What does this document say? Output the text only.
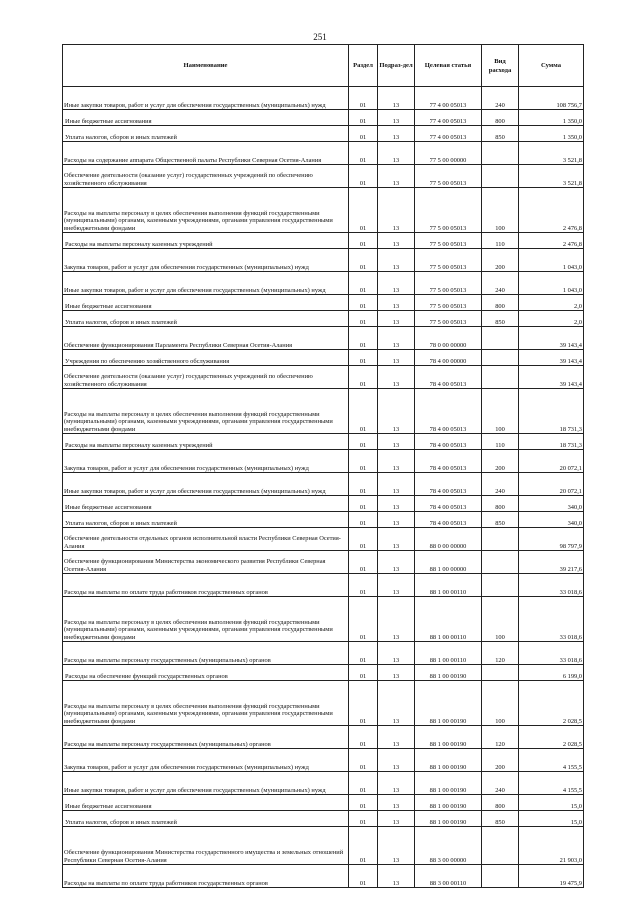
251
Наименование	Раздел	Подраз-дел	Целевая статья	Вид расхода	Сумма
Иные закупки товаров, работ и услуг для обеспечения государственных (муниципальных) нужд	01	13	77 4 00 05013	240	108 756,7
Иные бюджетные ассигнования	01	13	77 4 00 05013	800	1 350,0
Уплата налогов, сборов и иных платежей	01	13	77 4 00 05013	850	1 350,0
Расходы на содержание аппарата Общественной палаты Республики Северная Осетия-Алания	01	13	77 5 00 00000		3 521,8
Обеспечение деятельности (оказание услуг) государственных учреждений по обеспечению хозяйственного обслуживания	01	13	77 5 00 05013		3 521,8
Расходы на выплаты персоналу в целях обеспечения выполнения функций государственными (муниципальными) органами, казенными учреждениями, органами управления государственными внебюджетными фондами	01	13	77 5 00 05013	100	2 476,8
Расходы на выплаты персоналу казенных учреждений	01	13	77 5 00 05013	110	2 476,8
Закупка товаров, работ и услуг для обеспечения государственных (муниципальных) нужд	01	13	77 5 00 05013	200	1 043,0
Иные закупки товаров, работ и услуг для обеспечения государственных (муниципальных) нужд	01	13	77 5 00 05013	240	1 043,0
Иные бюджетные ассигнования	01	13	77 5 00 05013	800	2,0
Уплата налогов, сборов и иных платежей	01	13	77 5 00 05013	850	2,0
Обеспечение функционирования Парламента Республики Северная Осетия-Алания	01	13	78 0 00 00000		39 143,4
Учреждения по обеспечению хозяйственного обслуживания	01	13	78 4 00 00000		39 143,4
Обеспечение деятельности (оказание услуг) государственных учреждений по обеспечению хозяйственного обслуживания	01	13	78 4 00 05013		39 143,4
Расходы на выплаты персоналу в целях обеспечения выполнения функций государственными (муниципальными) органами, казенными учреждениями, органами управления государственными внебюджетными фондами	01	13	78 4 00 05013	100	18 731,3
Расходы на выплаты персоналу казенных учреждений	01	13	78 4 00 05013	110	18 731,3
Закупка товаров, работ и услуг для обеспечения государственных (муниципальных) нужд	01	13	78 4 00 05013	200	20 072,1
Иные закупки товаров, работ и услуг для обеспечения государственных (муниципальных) нужд	01	13	78 4 00 05013	240	20 072,1
Иные бюджетные ассигнования	01	13	78 4 00 05013	800	340,0
Уплата налогов, сборов и иных платежей	01	13	78 4 00 05013	850	340,0
Обеспечение деятельности отдельных органов исполнительной власти Республики Северная Осетия-Алания	01	13	88 0 00 00000		98 797,9
Обеспечение функционирования Министерства экономического развития Республики Северная Осетия-Алания	01	13	88 1 00 00000		39 217,6
Расходы на выплаты по оплате труда работников государственных органов	01	13	88 1 00 00110		33 018,6
Расходы на выплаты персоналу в целях обеспечения выполнения функций государственными (муниципальными) органами, казенными учреждениями, органами управления государственными внебюджетными фондами	01	13	88 1 00 00110	100	33 018,6
Расходы на выплаты персоналу государственных (муниципальных) органов	01	13	88 1 00 00110	120	33 018,6
Расходы на обеспечение функций государственных органов	01	13	88 1 00 00190		6 199,0
Расходы на выплаты персоналу в целях обеспечения выполнения функций государственными (муниципальными) органами, казенными учреждениями, органами управления государственными внебюджетными фондами	01	13	88 1 00 00190	100	2 028,5
Расходы на выплаты персоналу государственных (муниципальных) органов	01	13	88 1 00 00190	120	2 028,5
Закупка товаров, работ и услуг для обеспечения государственных (муниципальных) нужд	01	13	88 1 00 00190	200	4 155,5
Иные закупки товаров, работ и услуг для обеспечения государственных (муниципальных) нужд	01	13	88 1 00 00190	240	4 155,5
Иные бюджетные ассигнования	01	13	88 1 00 00190	800	15,0
Уплата налогов, сборов и иных платежей	01	13	88 1 00 00190	850	15,0
Обеспечение функционирования Министерства государственного имущества и земельных отношений Республики Северная Осетия-Алания	01	13	88 3 00 00000		21 903,0
Расходы на выплаты по оплате труда работников государственных органов	01	13	88 3 00 00110		19 475,9
